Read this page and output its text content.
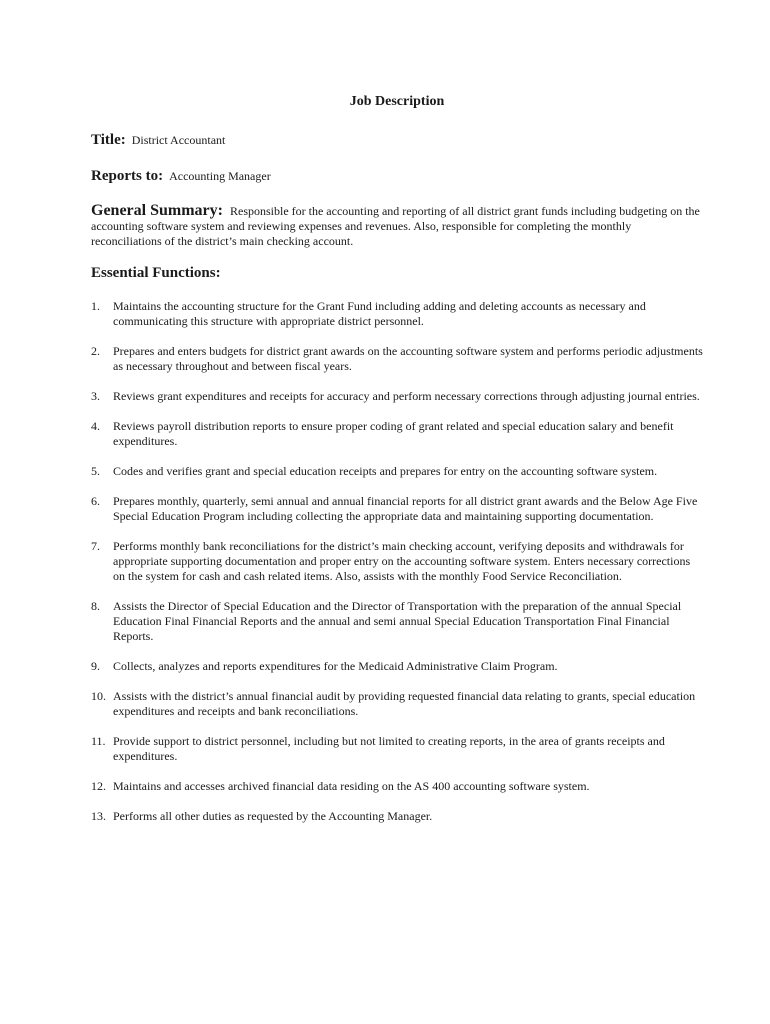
Job Description

Title: District Accountant

Reports to: Accounting Manager

General Summary: Responsible for the accounting and reporting of all district grant funds including budgeting on the accounting software system and reviewing expenses and revenues. Also, responsible for completing the monthly reconciliations of the district’s main checking account.

Essential Functions:
1.	Maintains the accounting structure for the Grant Fund including adding and deleting accounts as necessary and communicating this structure with appropriate district personnel.
2.	Prepares and enters budgets for district grant awards on the accounting software system and performs periodic adjustments as necessary throughout and between fiscal years.
3.	Reviews grant expenditures and receipts for accuracy and perform necessary corrections through adjusting journal entries.
4.	Reviews payroll distribution reports to ensure proper coding of grant related and special education salary and benefit expenditures.
5.	Codes and verifies grant and special education receipts and prepares for entry on the accounting software system.
6.	Prepares monthly, quarterly, semi annual and annual financial reports for all district grant awards and the Below Age Five Special Education Program including collecting the appropriate data and maintaining supporting documentation.
7.	Performs monthly bank reconciliations for the district’s main checking account, verifying deposits and withdrawals for appropriate supporting documentation and proper entry on the accounting software system. Enters necessary corrections on the system for cash and cash related items. Also, assists with the monthly Food Service Reconciliation.
8.	Assists the Director of Special Education and the Director of Transportation with the preparation of the annual Special Education Final Financial Reports and the annual and semi annual Special Education Transportation Final Financial Reports.
9.	Collects, analyzes and reports expenditures for the Medicaid Administrative Claim Program.
10. Assists with the district’s annual financial audit by providing requested financial data relating to grants, special education expenditures and receipts and bank reconciliations.
11. Provide support to district personnel, including but not limited to creating reports, in the area of grants receipts and expenditures.
12. Maintains and accesses archived financial data residing on the AS 400 accounting software system.
13. Performs all other duties as requested by the Accounting Manager.
